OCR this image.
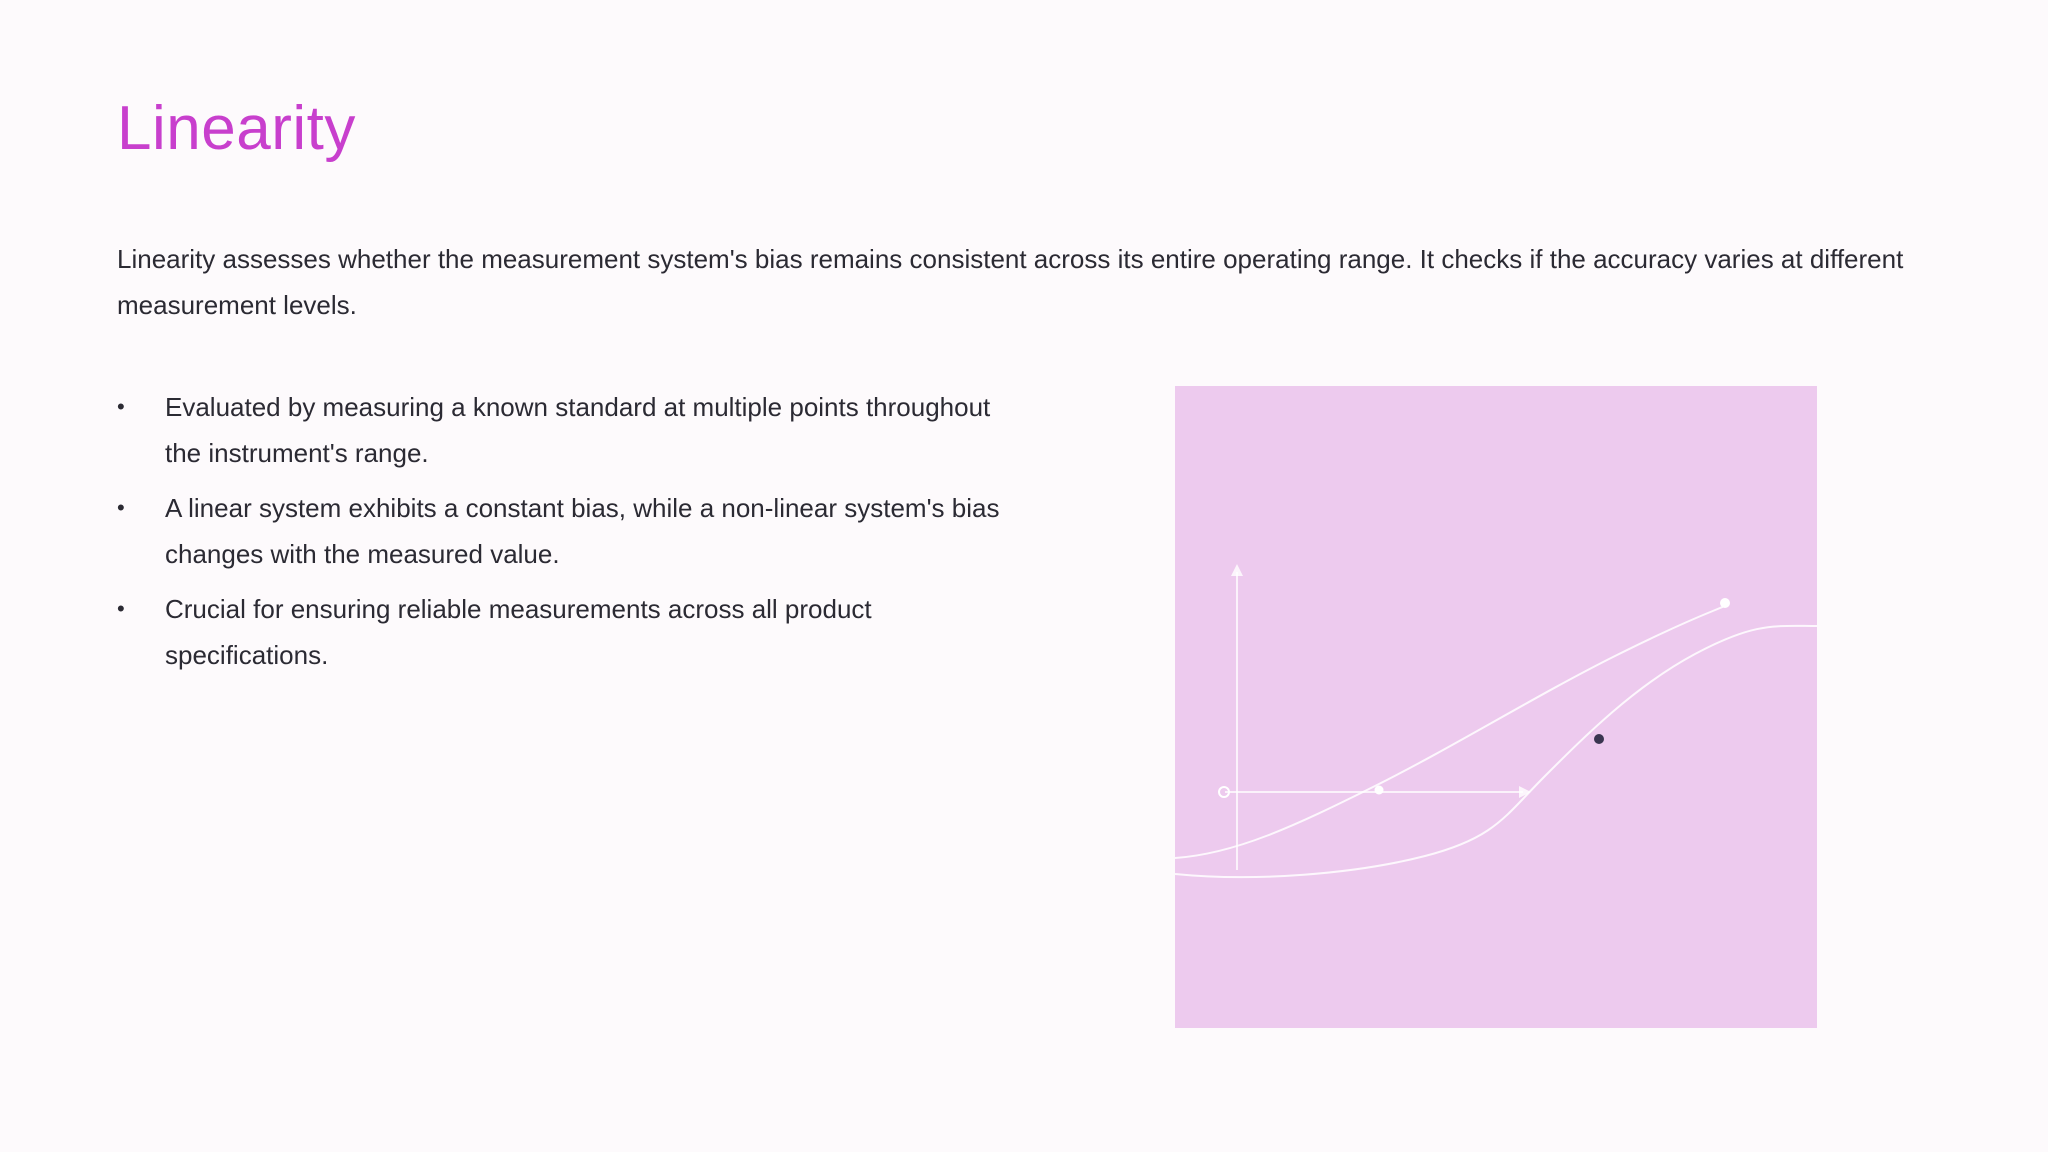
Linearity

Linearity assesses whether the measurement system's bias remains consistent across its entire operating range. It checks if the accuracy varies at different measurement levels.

•	Evaluated by measuring a known standard at multiple points throughout the instrument's range.
•	A linear system exhibits a constant bias, while a non-linear system's bias changes with the measured value.
•	Crucial for ensuring reliable measurements across all product specifications.
